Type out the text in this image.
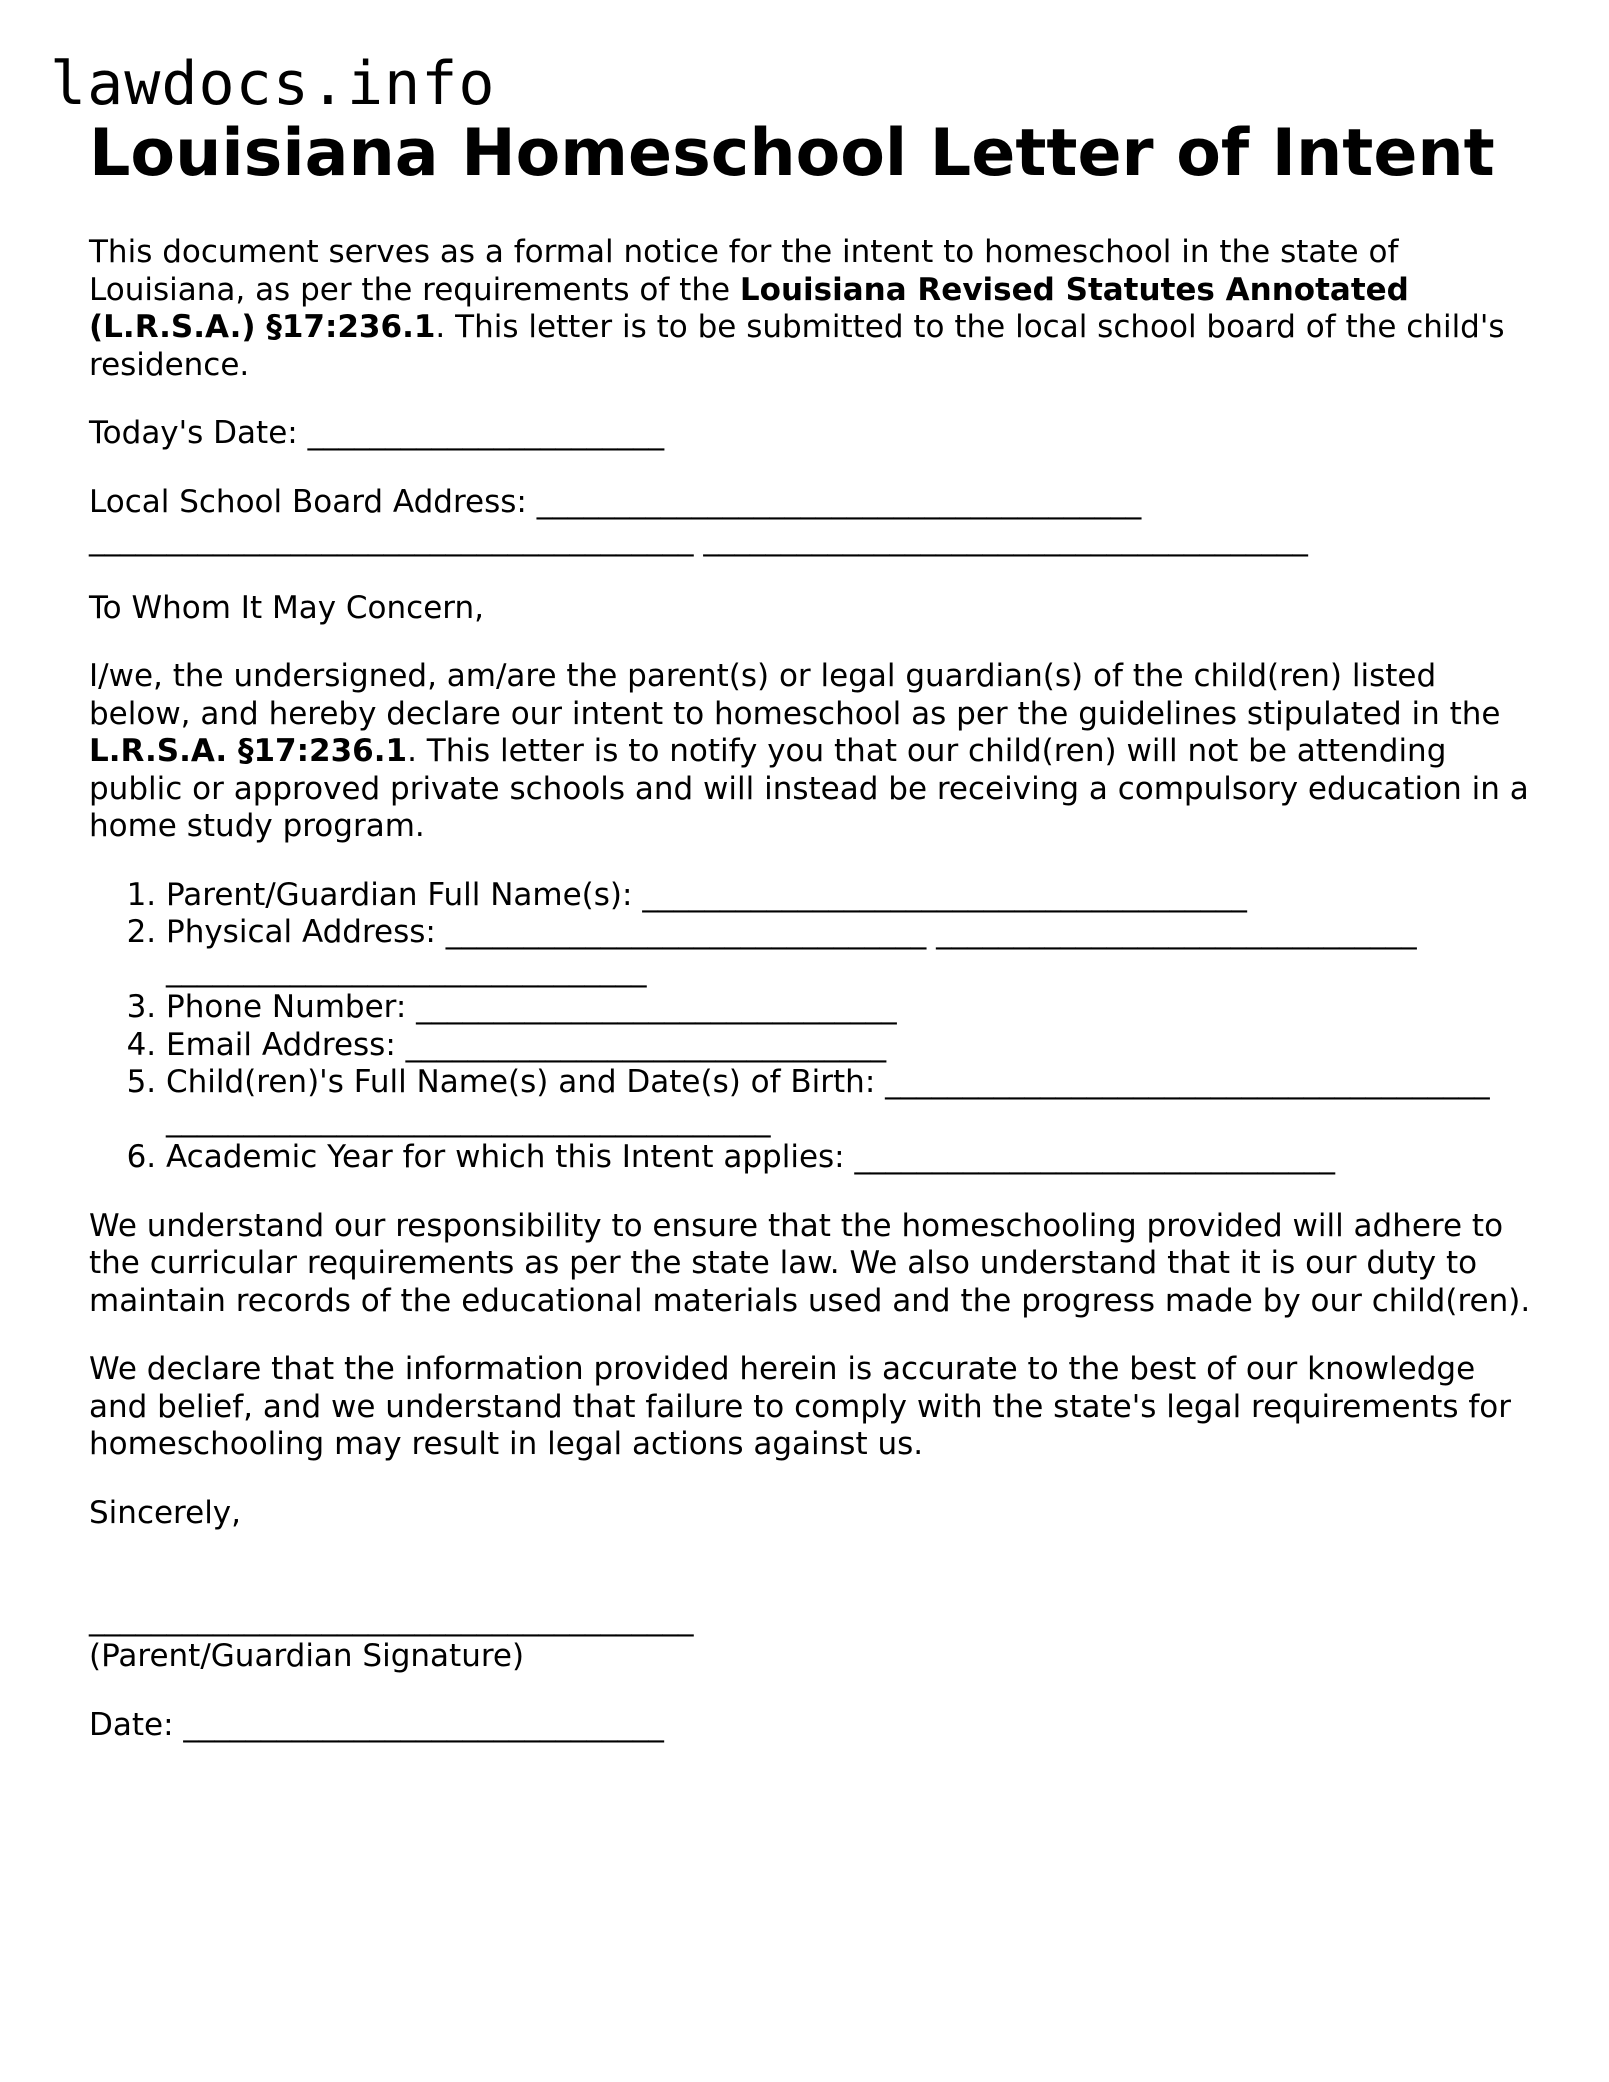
lawdocs.info
Louisiana Homeschool Letter of Intent

This document serves as a formal notice for the intent to homeschool in the state of Louisiana, as per the requirements of the Louisiana Revised Statutes Annotated (L.R.S.A.) §17:236.1. This letter is to be submitted to the local school board of the child's residence.

Today's Date: _______________________

Local School Board Address: _______________________________________
_______________________________________ _______________________________________

To Whom It May Concern,

I/we, the undersigned, am/are the parent(s) or legal guardian(s) of the child(ren) listed below, and hereby declare our intent to homeschool as per the guidelines stipulated in the L.R.S.A. §17:236.1. This letter is to notify you that our child(ren) will not be attending public or approved private schools and will instead be receiving a compulsory education in a home study program.

1. Parent/Guardian Full Name(s): _______________________________________
2. Physical Address: _______________________________ _______________________________ _______________________________
3. Phone Number: _______________________________
4. Email Address: _______________________________
5. Child(ren)'s Full Name(s) and Date(s) of Birth: _______________________________________ _______________________________________
6. Academic Year for which this Intent applies: _______________________________

We understand our responsibility to ensure that the homeschooling provided will adhere to the curricular requirements as per the state law. We also understand that it is our duty to maintain records of the educational materials used and the progress made by our child(ren).

We declare that the information provided herein is accurate to the best of our knowledge and belief, and we understand that failure to comply with the state's legal requirements for homeschooling may result in legal actions against us.

Sincerely,

_______________________________________
(Parent/Guardian Signature)

Date: _______________________________
